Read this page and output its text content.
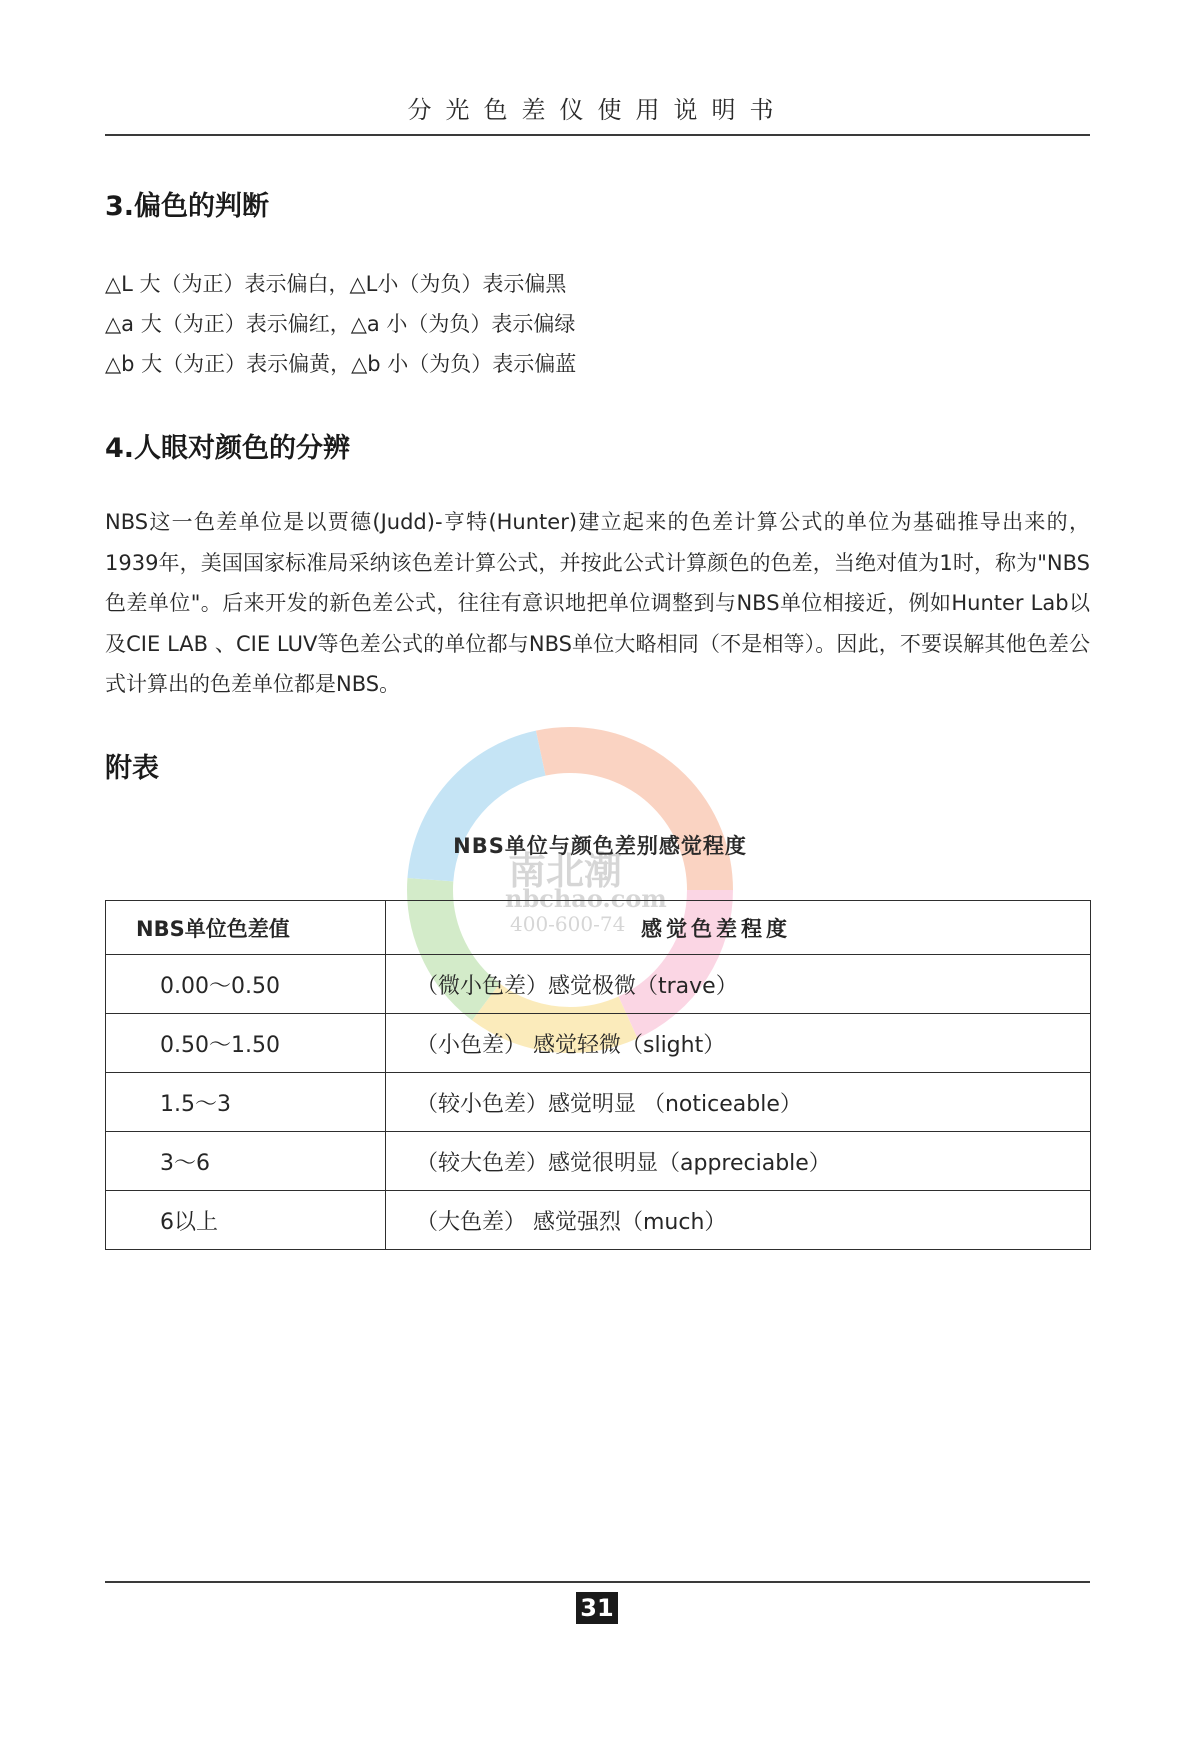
分光色差仪使用说明书
3.偏色的判断
△L 大（为正）表示偏白，△L小（为负）表示偏黑
△a 大（为正）表示偏红，△a 小（为负）表示偏绿
△b 大（为正）表示偏黄，△b 小（为负）表示偏蓝
4.人眼对颜色的分辨
NBS这一色差单位是以贾德(Judd)-亨特(Hunter)建立起来的色差计算公式的单位为基础推导出来的，1939年，美国国家标准局采纳该色差计算公式，并按此公式计算颜色的色差，当绝对值为1时，称为"NBS色差单位"。后来开发的新色差公式，往往有意识地把单位调整到与NBS单位相接近，例如Hunter Lab以及CIE LAB 、CIE LUV等色差公式的单位都与NBS单位大略相同（不是相等）。因此，不要误解其他色差公式计算出的色差单位都是NBS。
附表
南北潮
nbchao.com
400-600-74
NBS单位与颜色差别感觉程度
NBS单位色差值	感觉色差程度
0.00～0.50	（微小色差）感觉极微（trave）
0.50～1.50	（小色差） 感觉轻微（slight）
1.5～3	（较小色差）感觉明显 （noticeable）
3～6	（较大色差）感觉很明显（appreciable）
6以上	（大色差） 感觉强烈（much）
31
